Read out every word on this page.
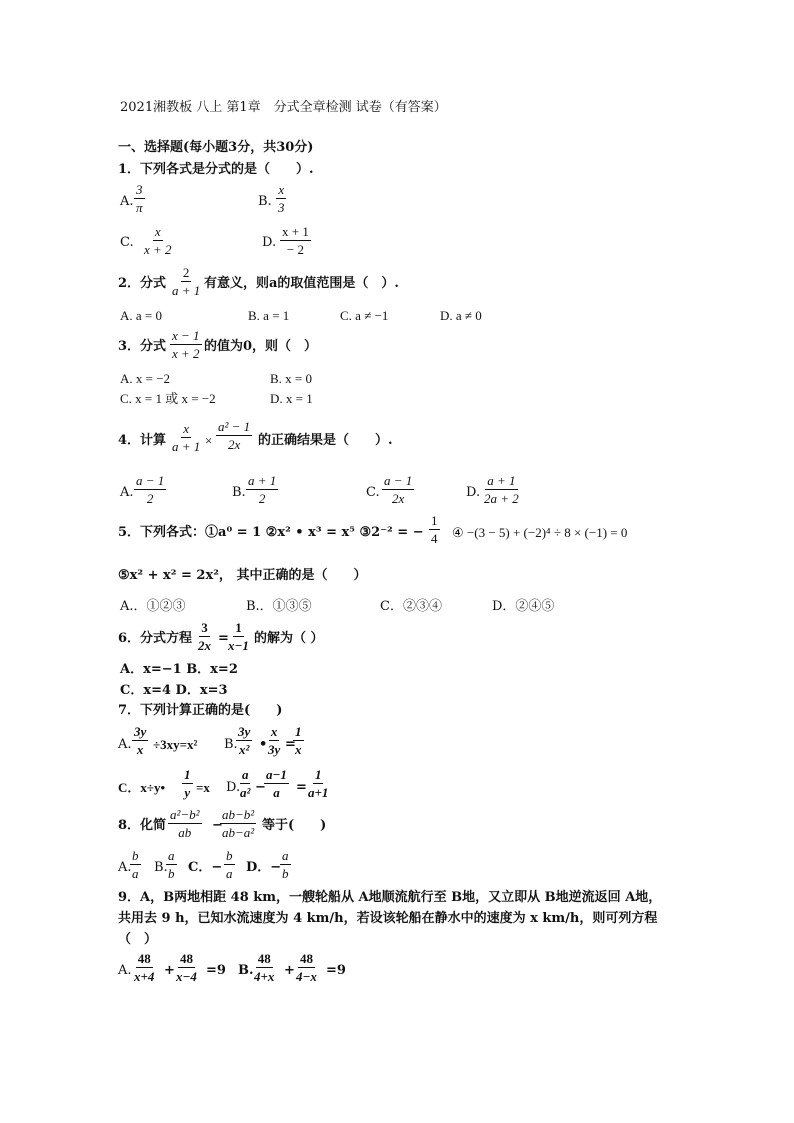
2021湘教板 八上 第1章　分式全章检测 试卷（有答案）
一、选择题(每小题3分，共30分)
1．下列各式是分式的是（　　）.
A. $\frac{3}{\pi}$	B. $\frac{x}{3}$
C. $\frac{x}{x + 2}$	D. $\frac{x + 1}{- 2}$
2．分式 $\frac{2}{a + 1}$ 有意义，则a的取值范围是（　）.
A. a = 0	B. a = 1	C. a ≠ −1	D. a ≠ 0
3．分式 $\frac{x - 1}{x + 2}$ 的值为0，则（　）
A. x = −2	B. x = 0
C. x = 1 或 x = −2	D. x = 1
4．计算 $\frac{x}{a + 1} \times \frac{\text{a² − 1}}{2x}$ 的正确结果是（　　）.
A. $\frac{a - 1}{2}$	B. $\frac{a + 1}{2}$	C. $\frac{a - 1}{2x}$	D. $\frac{a + 1}{2a + 2}$
5．下列各式：①a⁰ = 1 ②x² • x³ = x⁵ ③2⁻² = − $\frac{1}{4}$ ④ −(3 − 5) + (−2)⁴ ÷ 8 × (−1) = 0
⑤x² + x² = 2x²， 其中正确的是（　　）
A.．①②③	B.．①③⑤	C．②③④	D．②④⑤
6．分式方程 $\frac{3}{2x}$ =
$\frac{1}{x-1}$ 的解为（ ）
A．x=−1 B．x=2
C．x=4 D．x=3
7．下列计算正确的是(　　)
A. $\frac{3y}{x} \div 3xy=x^2$ B.
$\frac{3y}{\text{x²}}$ •
$\frac{x}{3y}$ =
$\frac{1}{x}$
C．x÷y• $\frac{1}{y} =x$ D.
$\frac{a}{\text{a²}}$ −
$\frac{a-1}{a} = \frac{1}{a+1}$
8．化简 $\frac{\text{a²−b²}}{ab}$ −
$\frac{\text{ab−b²}}{\text{ab−a²}}$ 等于(　　)
A.
$\frac{b}{a} B$.
$\frac{a}{b}$ C．− $\frac{b}{a}$ D．−
$\frac{a}{b}$
9．A，B两地相距 48 km，一艘轮船从 A地顺流航行至 B地，又立即从 B地逆流返回 A地，
共用去 9 h，已知水流速度为 4 km/h，若设该轮船在静水中的速度为 x km/h，则可列方程
（　）
A. $\frac{48}{x+4} + \frac{48}{x-4} =9$ B.
$\frac{48}{4+x} + \frac{48}{4-x} =9$
